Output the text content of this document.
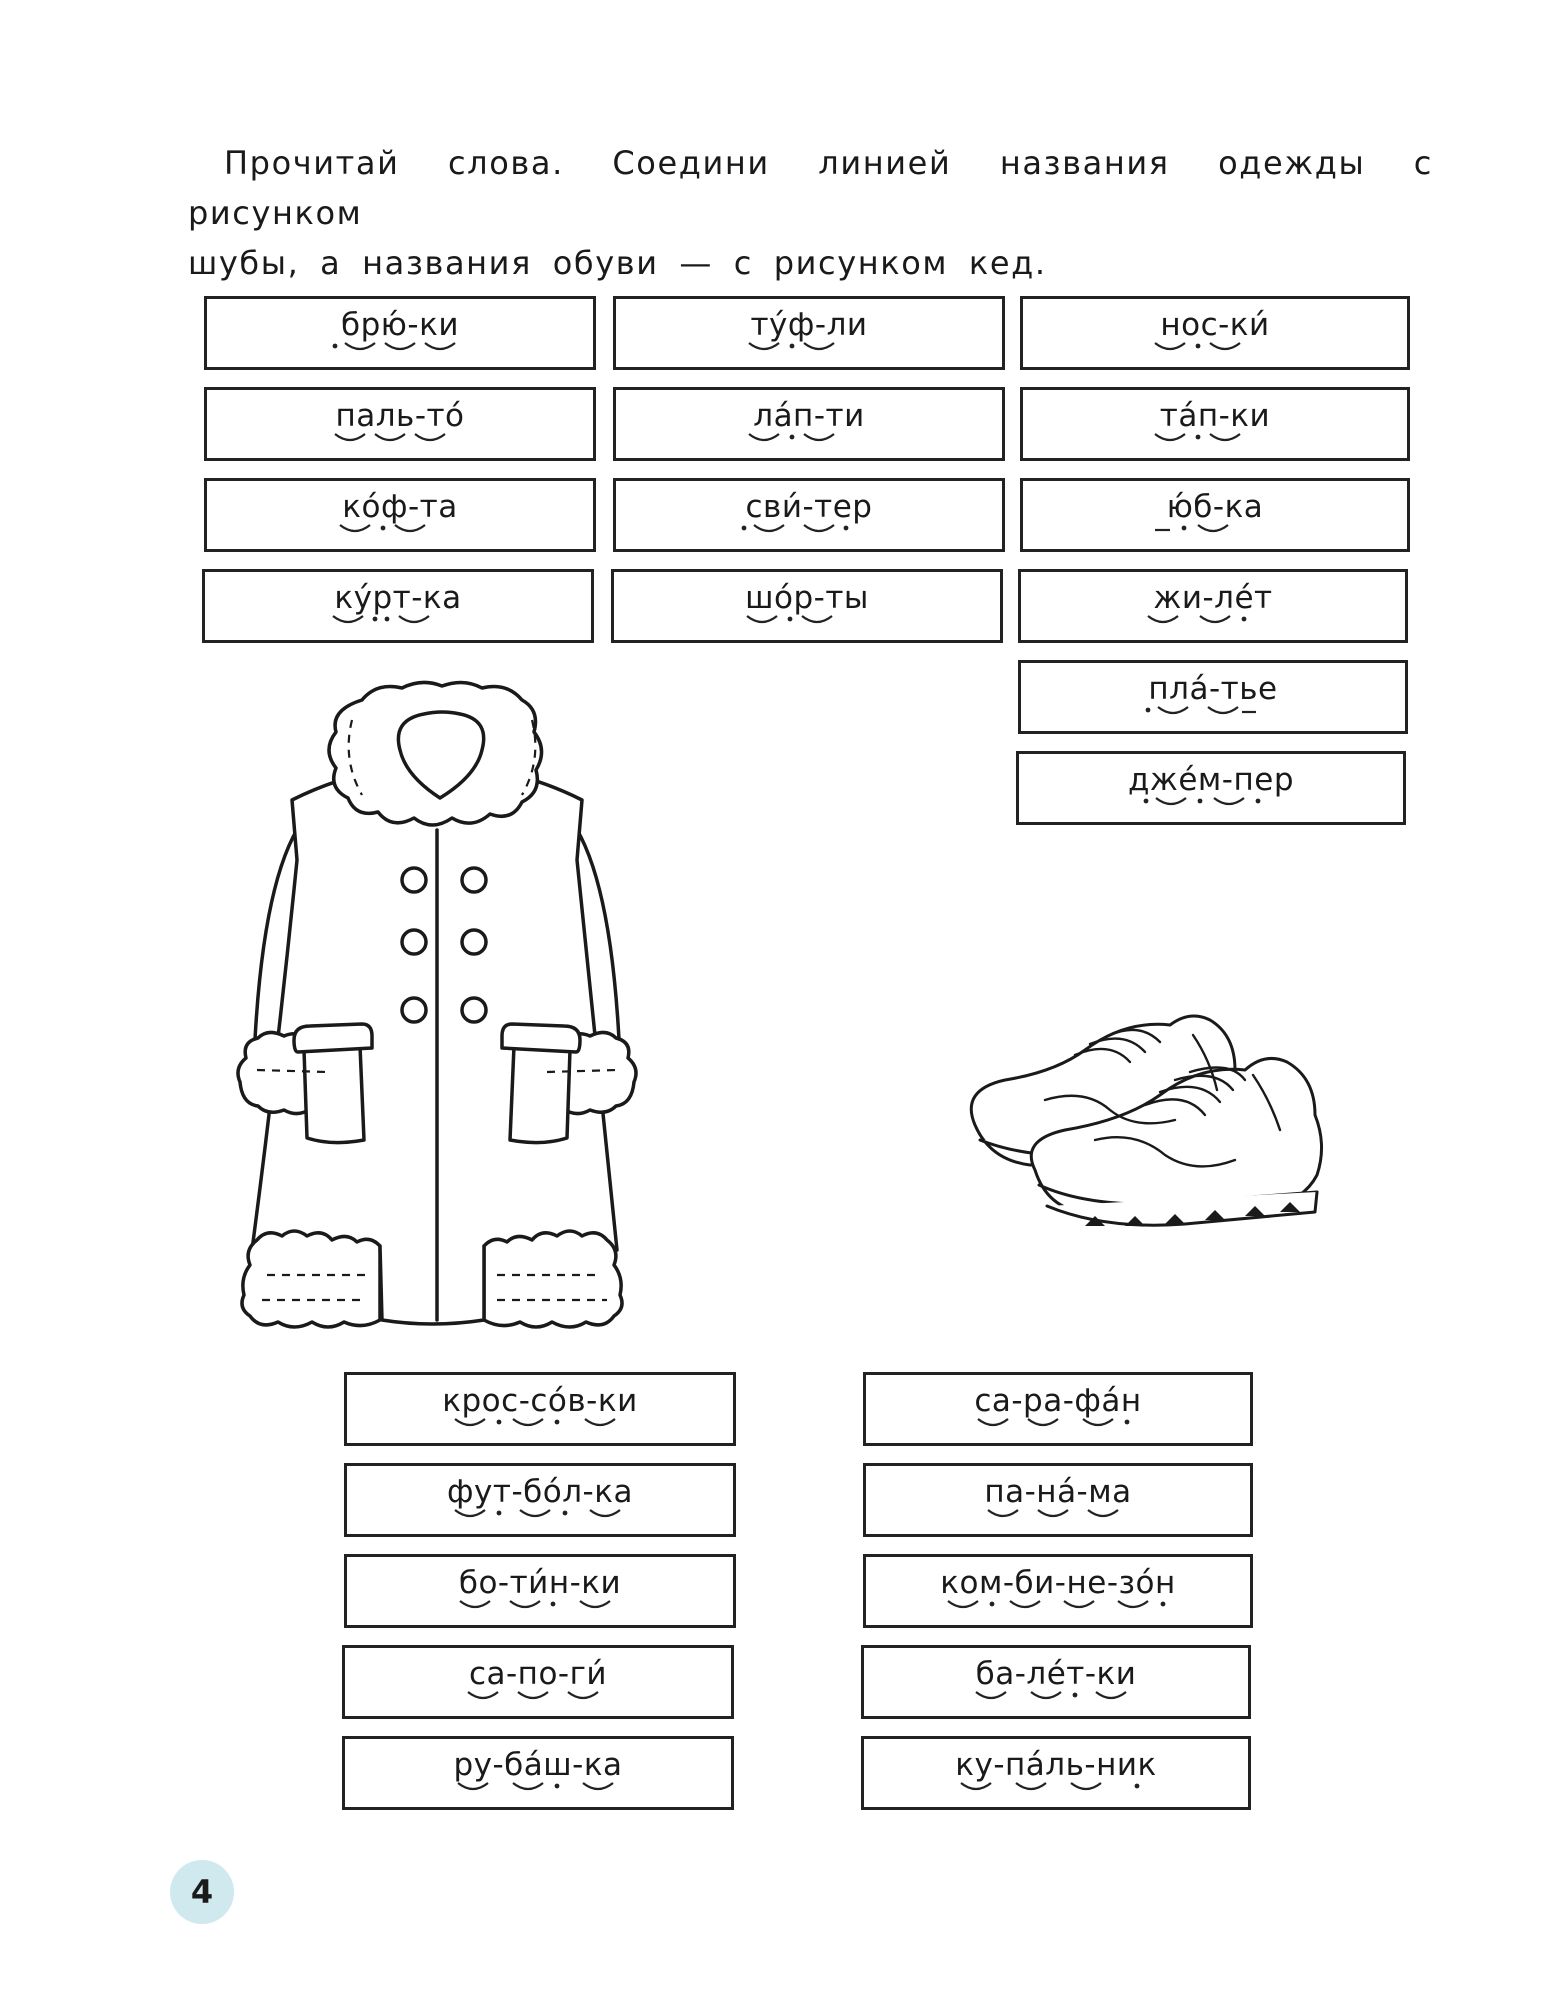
Прочитай слова. Соедини линией названия одежды с рисунком

шубы, а названия обуви — с рисунком кед.

брю́-ки
паль-то́
ко́ф-та
ку́рт-ка
ту́ф-ли
ла́п-ти
сви́-тер
шо́р-ты
нос-ки́
та́п-ки
ю́б-ка
жи-ле́т
пла́-тье
дже́м-пер
крос-со́в-ки
фут-бо́л-ка
бо-ти́н-ки
са-по-ги́
ру-ба́ш-ка
са-ра-фа́н
па-на́-ма
ком-би-не-зо́н
ба-ле́т-ки
ку-па́ль-ник
4
